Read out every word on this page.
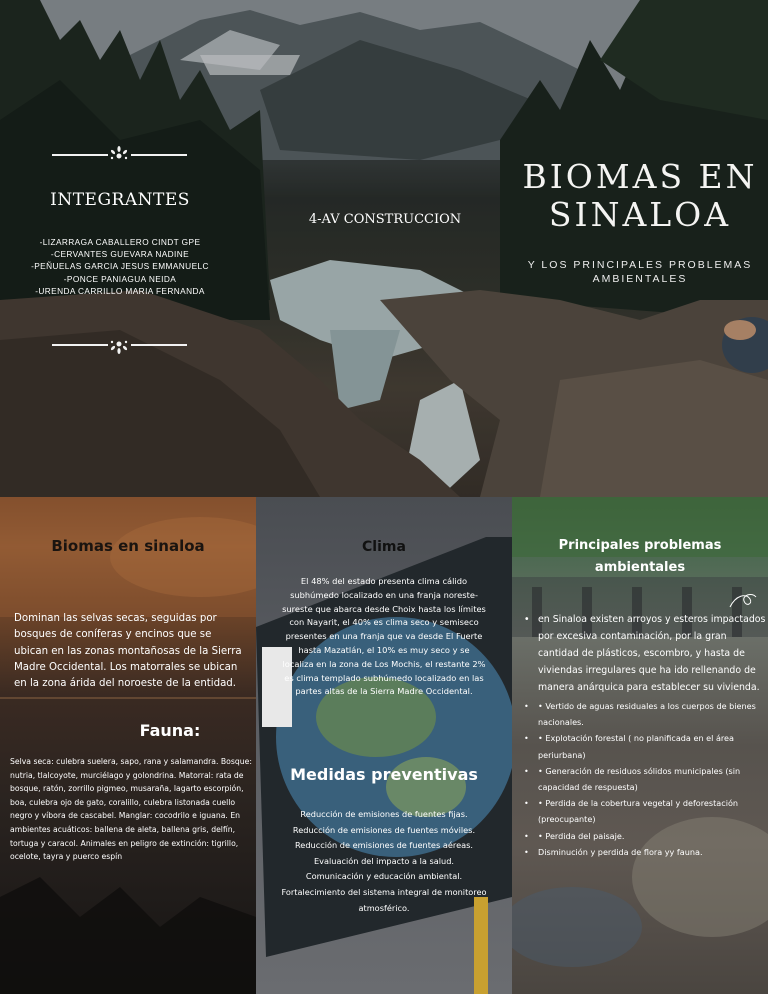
INTEGRANTES
-LIZARRAGA CABALLERO CINDT GPE
-CERVANTES GUEVARA NADINE
-PEÑUELAS GARCIA JESUS EMMANUELC
-PONCE PANIAGUA NEIDA
-URENDA CARRILLO MARIA FERNANDA
4-AV CONSTRUCCION
BIOMAS EN
SINALOA
Y LOS PRINCIPALES PROBLEMAS AMBIENTALES
Biomas en sinaloa
Dominan las selvas secas, seguidas por bosques de coníferas y encinos que se ubican en las zonas montañosas de la Sierra Madre Occidental. Los matorrales se ubican en la zona árida del noroeste de la entidad.
Fauna:
Selva seca: culebra suelera, sapo, rana y salamandra. Bosque: nutria, tlalcoyote, murciélago y golondrina. Matorral: rata de bosque, ratón, zorrillo pigmeo, musaraña, lagarto escorpión, boa, culebra ojo de gato, coralillo, culebra listonada cuello negro y víbora de cascabel. Manglar: cocodrilo e iguana. En ambientes acuáticos: ballena de aleta, ballena gris, delfín, tortuga y caracol. Animales en peligro de extinción: tigrillo, ocelote, tayra y puerco espín
Clima
El 48% del estado presenta clima cálido subhúmedo localizado en una franja noreste-sureste que abarca desde Choix hasta los límites con Nayarit, el 40% es clima seco y semiseco presentes en una franja que va desde El Fuerte hasta Mazatlán, el 10% es muy seco y se localiza en la zona de Los Mochis, el restante 2% es clima templado subhúmedo localizado en las partes altas de la Sierra Madre Occidental.
Medidas preventivas
Reducción de emisiones de fuentes fijas.
Reducción de emisiones de fuentes móviles.
Reducción de emisiones de fuentes aéreas.
Evaluación del impacto a la salud.
Comunicación y educación ambiental.
Fortalecimiento del sistema integral de monitoreo atmosférico.
Principales problemas
ambientales
• en Sinaloa existen arroyos y esteros impactados por excesiva contaminación, por la gran cantidad de plásticos, escombro, y hasta de viviendas irregulares que ha ido rellenando de manera anárquica para establecer su vivienda.
• • Vertido de aguas residuales a los cuerpos de bienes nacionales.
• • Explotación forestal ( no planificada en el área periurbana)
• • Generación de residuos sólidos municipales (sin capacidad de respuesta)
• • Perdida de la cobertura vegetal y deforestación (preocupante)
• • Perdida del paisaje.
• Disminución y perdida de flora yy fauna.
